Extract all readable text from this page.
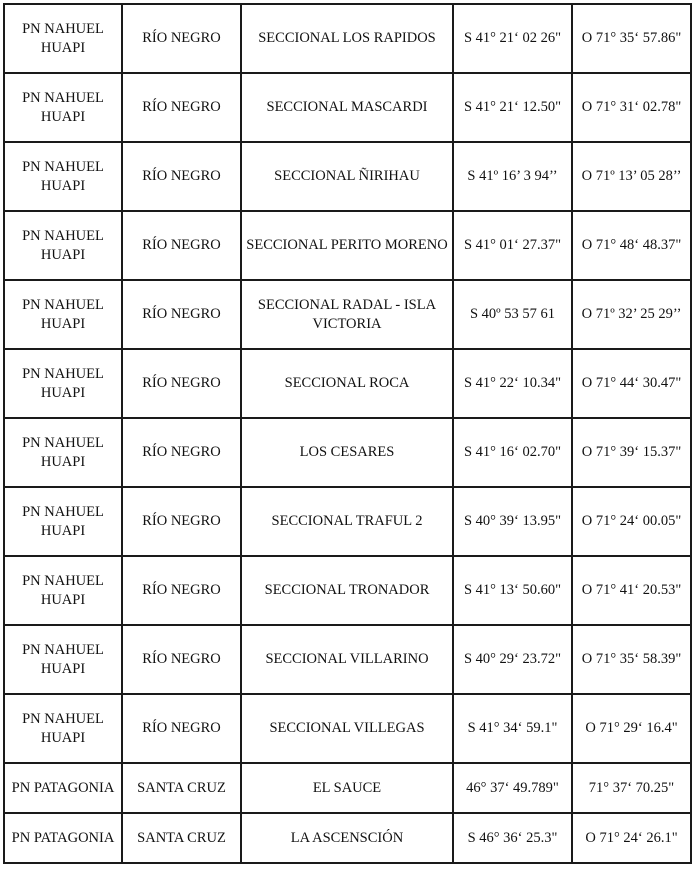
PN NAHUEL HUAPI	RÍO NEGRO	SECCIONAL LOS RAPIDOS	S 41° 21‘ 02 26"	O 71° 35‘ 57.86"
PN NAHUEL HUAPI	RÍO NEGRO	SECCIONAL MASCARDI	S 41° 21‘ 12.50"	O 71° 31‘ 02.78"
PN NAHUEL HUAPI	RÍO NEGRO	SECCIONAL ÑIRIHAU	S 41º 16’ 3 94’’	O 71º 13’ 05 28’’
PN NAHUEL HUAPI	RÍO NEGRO	SECCIONAL PERITO MORENO	S 41° 01‘ 27.37"	O 71° 48‘ 48.37"
PN NAHUEL HUAPI	RÍO NEGRO	SECCIONAL RADAL - ISLA VICTORIA	S 40º 53 57 61	O 71º 32’ 25 29’’
PN NAHUEL HUAPI	RÍO NEGRO	SECCIONAL ROCA	S 41° 22‘ 10.34"	O 71° 44‘ 30.47"
PN NAHUEL HUAPI	RÍO NEGRO	LOS CESARES	S 41° 16‘ 02.70"	O 71° 39‘ 15.37"
PN NAHUEL HUAPI	RÍO NEGRO	SECCIONAL TRAFUL 2	S 40° 39‘ 13.95"	O 71° 24‘ 00.05"
PN NAHUEL HUAPI	RÍO NEGRO	SECCIONAL TRONADOR	S 41° 13‘ 50.60"	O 71° 41‘ 20.53"
PN NAHUEL HUAPI	RÍO NEGRO	SECCIONAL VILLARINO	S 40° 29‘ 23.72"	O 71° 35‘ 58.39"
PN NAHUEL HUAPI	RÍO NEGRO	SECCIONAL VILLEGAS	S 41° 34‘ 59.1"	O 71° 29‘ 16.4"
PN PATAGONIA	SANTA CRUZ	EL SAUCE	46° 37‘ 49.789"	71° 37‘ 70.25"
PN PATAGONIA	SANTA CRUZ	LA ASCENSCIÓN	S 46° 36‘ 25.3"	O 71° 24‘ 26.1"
